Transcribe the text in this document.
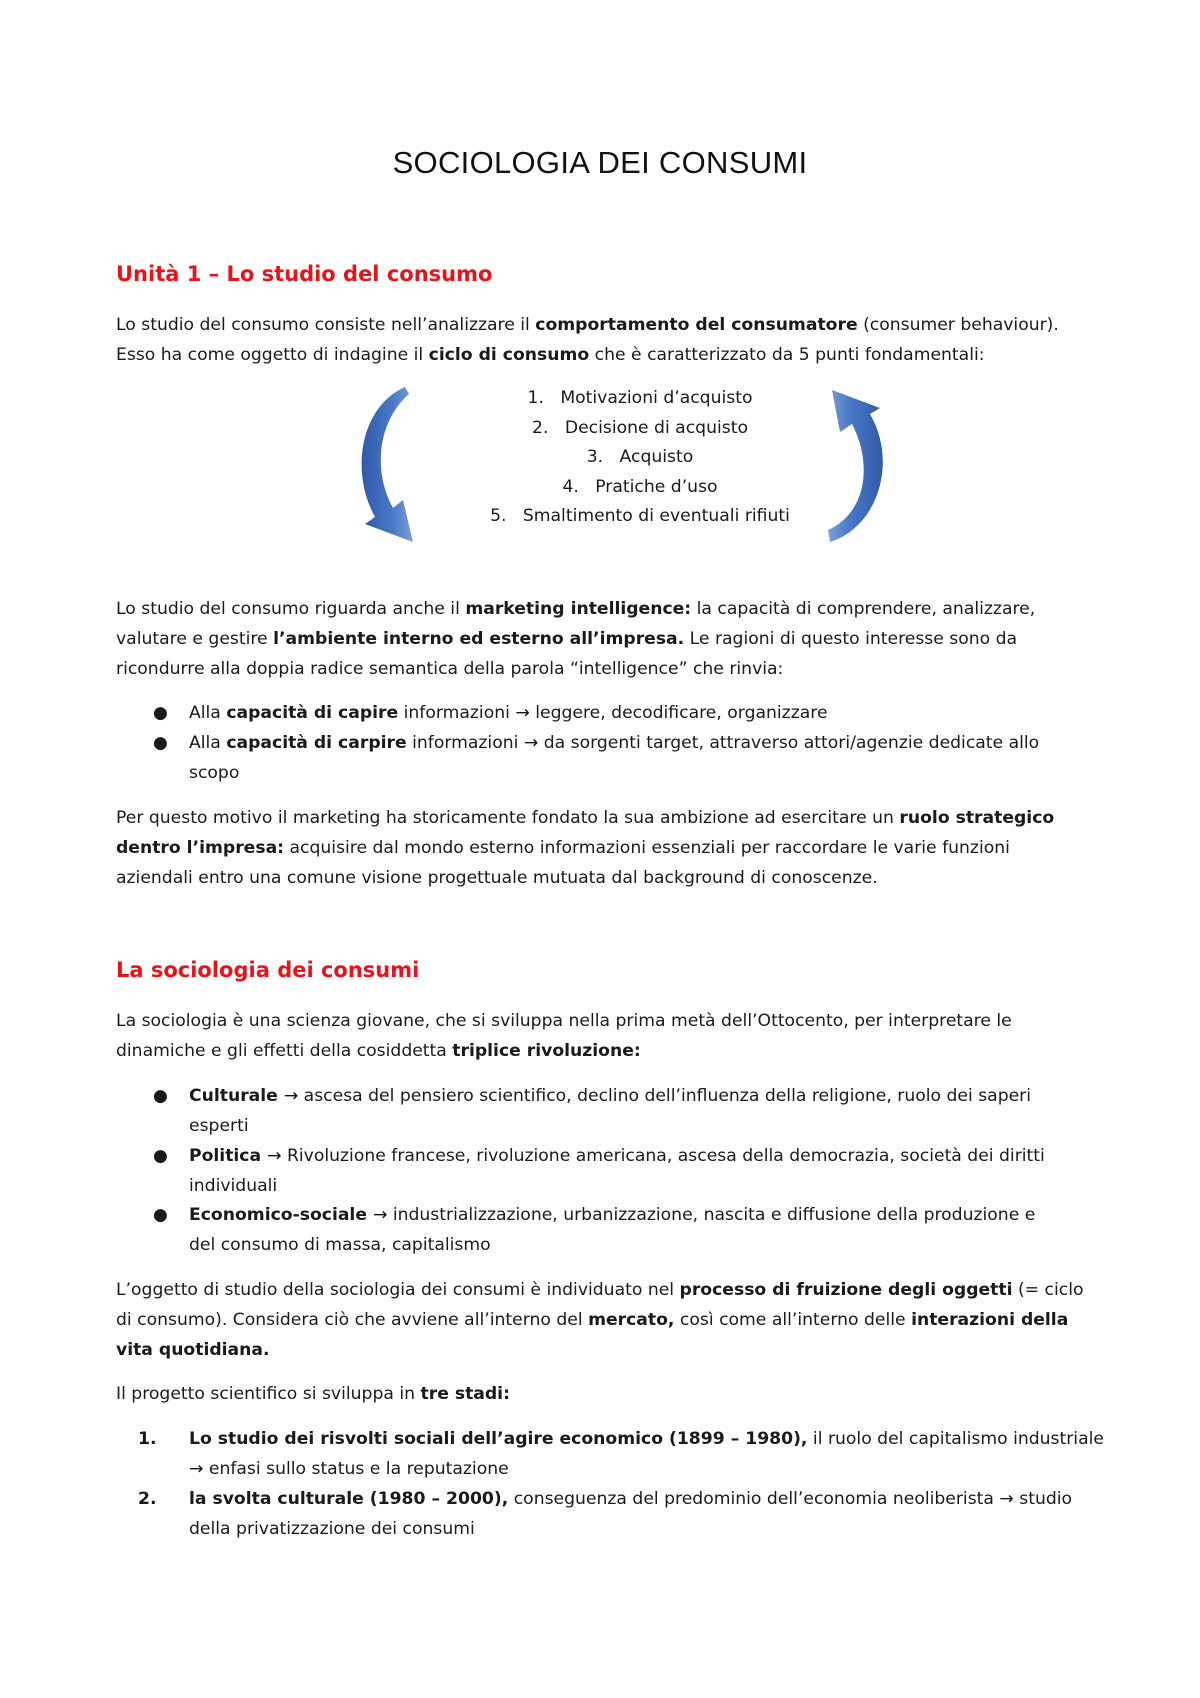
SOCIOLOGIA DEI CONSUMI
Unità 1 – Lo studio del consumo
Lo studio del consumo consiste nell’analizzare il comportamento del consumatore (consumer behaviour).
Esso ha come oggetto di indagine il ciclo di consumo che è caratterizzato da 5 punti fondamentali:
1. Motivazioni d’acquisto
2. Decisione di acquisto
3. Acquisto
4. Pratiche d’uso
5. Smaltimento di eventuali rifiuti
Lo studio del consumo riguarda anche il marketing intelligence: la capacità di comprendere, analizzare,
valutare e gestire l’ambiente interno ed esterno all’impresa. Le ragioni di questo interesse sono da
ricondurre alla doppia radice semantica della parola “intelligence” che rinvia:
● Alla capacità di capire informazioni → leggere, decodificare, organizzare
● Alla capacità di carpire informazioni → da sorgenti target, attraverso attori/agenzie dedicate allo
scopo
Per questo motivo il marketing ha storicamente fondato la sua ambizione ad esercitare un ruolo strategico
dentro l’impresa: acquisire dal mondo esterno informazioni essenziali per raccordare le varie funzioni
aziendali entro una comune visione progettuale mutuata dal background di conoscenze.
La sociologia dei consumi
La sociologia è una scienza giovane, che si sviluppa nella prima metà dell’Ottocento, per interpretare le
dinamiche e gli effetti della cosiddetta triplice rivoluzione:
● Culturale → ascesa del pensiero scientifico, declino dell’influenza della religione, ruolo dei saperi
esperti
● Politica → Rivoluzione francese, rivoluzione americana, ascesa della democrazia, società dei diritti
individuali
● Economico-sociale → industrializzazione, urbanizzazione, nascita e diffusione della produzione e
del consumo di massa, capitalismo
L’oggetto di studio della sociologia dei consumi è individuato nel processo di fruizione degli oggetti (= ciclo
di consumo). Considera ciò che avviene all’interno del mercato, così come all’interno delle interazioni della
vita quotidiana.
Il progetto scientifico si sviluppa in tre stadi:
1. Lo studio dei risvolti sociali dell’agire economico (1899 – 1980), il ruolo del capitalismo industriale
→ enfasi sullo status e la reputazione
2. la svolta culturale (1980 – 2000), conseguenza del predominio dell’economia neoliberista → studio
della privatizzazione dei consumi
